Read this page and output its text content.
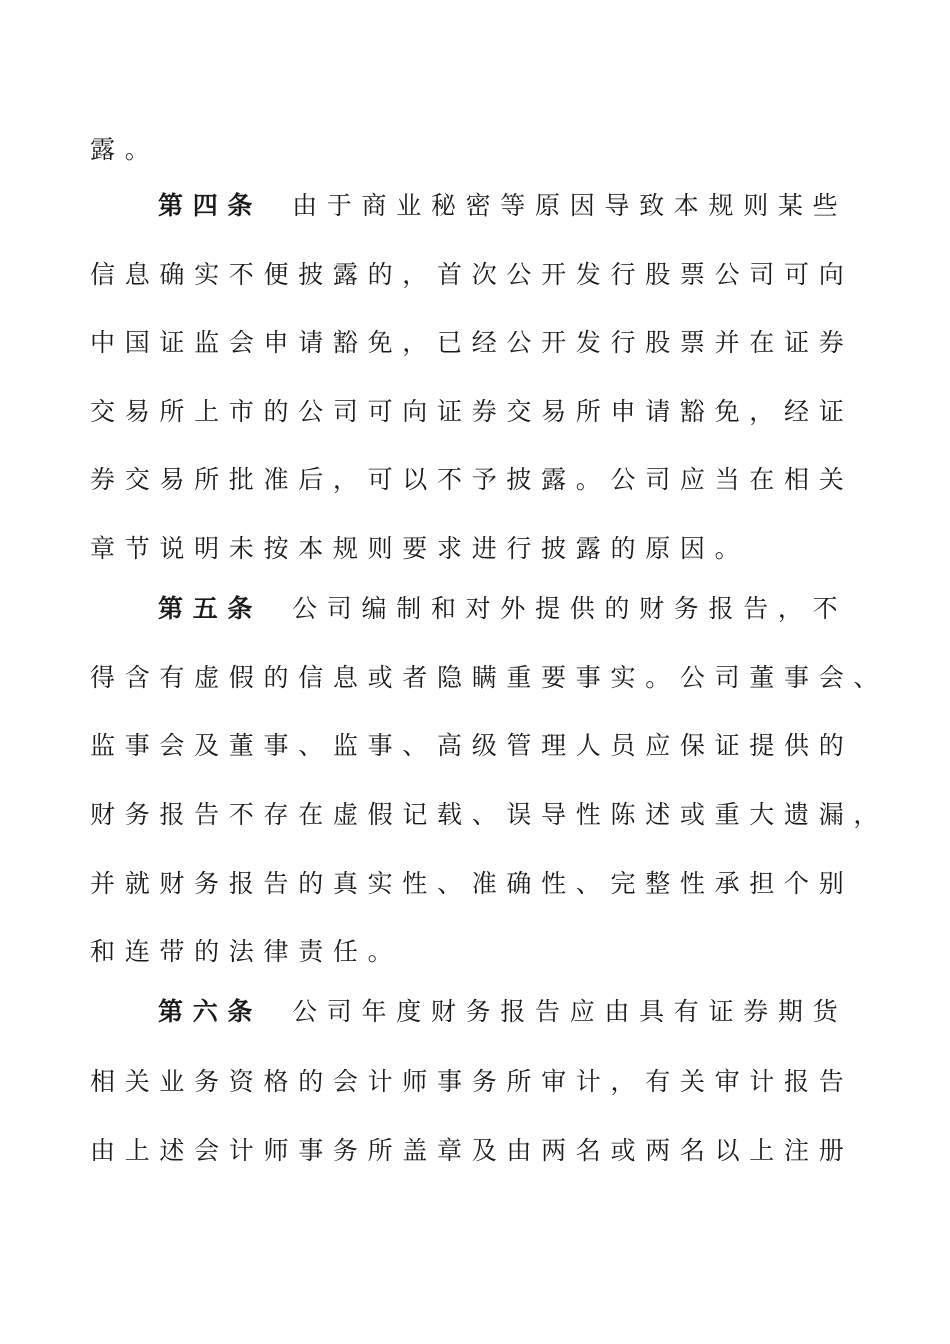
露。
第四条 由于商业秘密等原因导致本规则某些
信息确实不便披露的，首次公开发行股票公司可向
中国证监会申请豁免，已经公开发行股票并在证券
交易所上市的公司可向证券交易所申请豁免，经证
券交易所批准后，可以不予披露。公司应当在相关
章节说明未按本规则要求进行披露的原因。
第五条 公司编制和对外提供的财务报告，不
得含有虚假的信息或者隐瞒重要事实。公司董事会、
监事会及董事、监事、高级管理人员应保证提供的
财务报告不存在虚假记载、误导性陈述或重大遗漏，
并就财务报告的真实性、准确性、完整性承担个别
和连带的法律责任。
第六条 公司年度财务报告应由具有证券期货
相关业务资格的会计师事务所审计，有关审计报告
由上述会计师事务所盖章及由两名或两名以上注册
